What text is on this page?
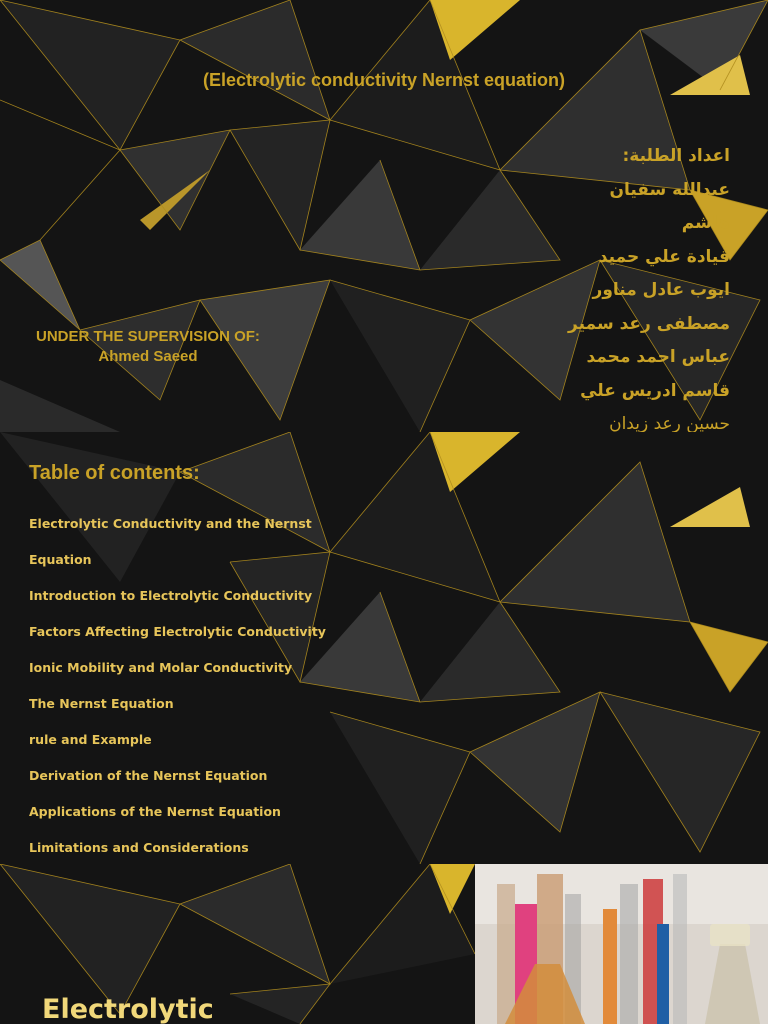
(Electrolytic conductivity Nernst equation)
اعداد الطلبة:
عبدالله سفيان
هاشم
قيادة علي حميد
ايوب عادل مناور
مصطفى رعد سمير
عباس احمد محمد
قاسم ادريس علي
حسين رعد زيدان
UNDER THE SUPERVISION OF:
Ahmed Saeed
Table of contents:
Electrolytic Conductivity and the Nernst
Equation
Introduction to Electrolytic Conductivity
Factors Affecting Electrolytic Conductivity
Ionic Mobility and Molar Conductivity
The Nernst Equation
rule and Example
Derivation of the Nernst Equation
Applications of the Nernst Equation
Limitations and Considerations
Electrolytic
